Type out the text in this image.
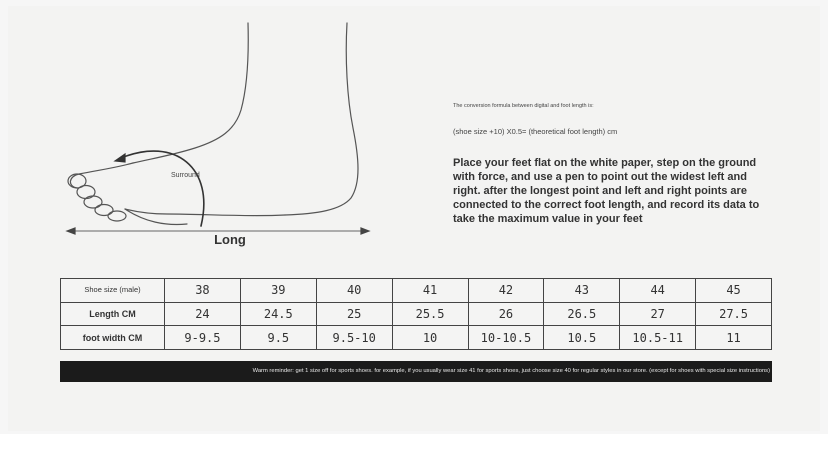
Surround
Long
The conversion formula between digital and foot length is:
(shoe size +10) X0.5= (theoretical foot length) cm
Place your feet flat on the white paper, step on the ground with force, and use a pen to point out the widest left and right. after the longest point and left and right points are connected to the correct foot length, and record its data to take the maximum value in your feet
Shoe size (male)	38	39	40	41	42	43	44	45
Length CM	24	24.5	25	25.5	26	26.5	27	27.5
foot width CM	9-9.5	9.5	9.5-10	10	10-10.5	10.5	10.5-11	11
Warm reminder: get 1 size off for sports shoes. for example, if you usually wear size 41 for sports shoes, just choose size 40 for regular styles in our store. (except for shoes with special size instructions)
